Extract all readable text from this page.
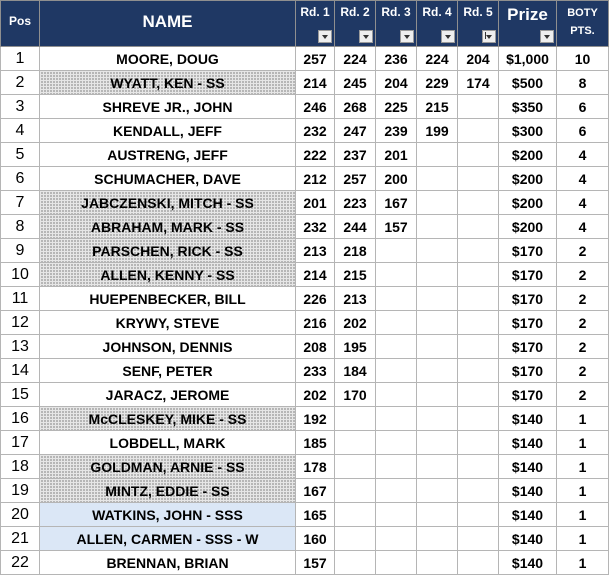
Pos	NAME	Rd. 1	Rd. 2	Rd. 3	Rd. 4	Rd. 5	Prize	BOTY
PTS.

1	MOORE, DOUG	257	224	236	224	204	$1,000	10
2	WYATT, KEN - SS	214	245	204	229	174	$500	8
3	SHREVE JR., JOHN	246	268	225	215		$350	6
4	KENDALL, JEFF	232	247	239	199		$300	6
5	AUSTRENG, JEFF	222	237	201			$200	4
6	SCHUMACHER, DAVE	212	257	200			$200	4
7	JABCZENSKI, MITCH - SS	201	223	167			$200	4
8	ABRAHAM, MARK - SS	232	244	157			$200	4
9	PARSCHEN, RICK - SS	213	218				$170	2
10	ALLEN, KENNY - SS	214	215				$170	2
11	HUEPENBECKER, BILL	226	213				$170	2
12	KRYWY, STEVE	216	202				$170	2
13	JOHNSON, DENNIS	208	195				$170	2
14	SENF, PETER	233	184				$170	2
15	JARACZ, JEROME	202	170				$170	2
16	McCLESKEY, MIKE - SS	192					$140	1
17	LOBDELL, MARK	185					$140	1
18	GOLDMAN, ARNIE - SS	178					$140	1
19	MINTZ, EDDIE - SS	167					$140	1
20	WATKINS, JOHN - SSS	165					$140	1
21	ALLEN, CARMEN - SSS - W	160					$140	1
22	BRENNAN, BRIAN	157					$140	1
